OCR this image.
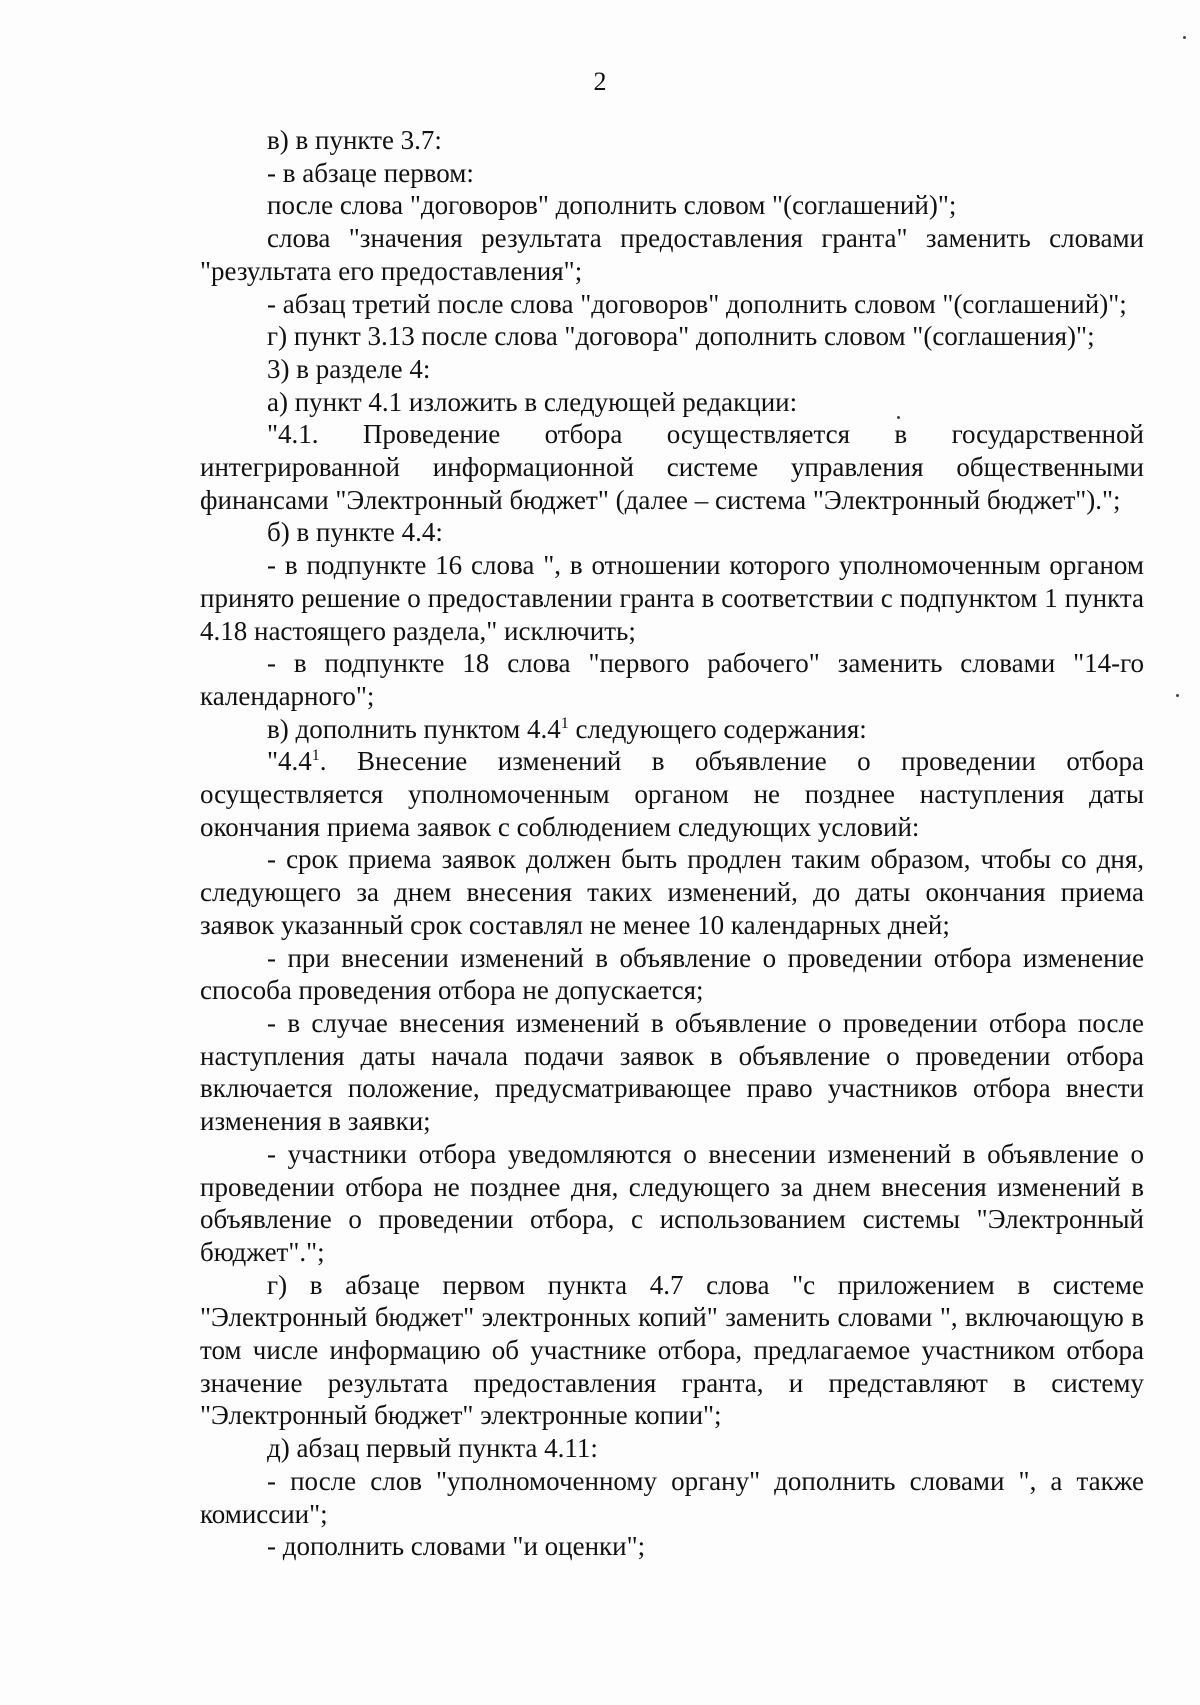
2

в) в пункте 3.7:

- в абзаце первом:

после слова "договоров" дополнить словом "(соглашений)";

слова "значения результата предоставления гранта" заменить словами "результата его предоставления";

- абзац третий после слова "договоров" дополнить словом "(соглашений)";

г) пункт 3.13 после слова "договора" дополнить словом "(соглашения)";

3) в разделе 4:

а) пункт 4.1 изложить в следующей редакции:

"4.1. Проведение отбора осуществляется в государственной интегрированной информационной системе управления общественными финансами "Электронный бюджет" (далее – система "Электронный бюджет").";

б) в пункте 4.4:

- в подпункте 16 слова ", в отношении которого уполномоченным органом принято решение о предоставлении гранта в соответствии с подпунктом 1 пункта 4.18 настоящего раздела," исключить;

- в подпункте 18 слова "первого рабочего" заменить словами "14-го календарного";

в) дополнить пунктом $4.4^1$ следующего содержания:

"$4.4^1$. Внесение изменений в объявление о проведении отбора осуществляется уполномоченным органом не позднее наступления даты окончания приема заявок с соблюдением следующих условий:

- срок приема заявок должен быть продлен таким образом, чтобы со дня, следующего за днем внесения таких изменений, до даты окончания приема заявок указанный срок составлял не менее 10 календарных дней;

- при внесении изменений в объявление о проведении отбора изменение способа проведения отбора не допускается;

- в случае внесения изменений в объявление о проведении отбора после наступления даты начала подачи заявок в объявление о проведении отбора включается положение, предусматривающее право участников отбора внести изменения в заявки;

- участники отбора уведомляются о внесении изменений в объявление о проведении отбора не позднее дня, следующего за днем внесения изменений в объявление о проведении отбора, с использованием системы "Электронный бюджет".";

г) в абзаце первом пункта 4.7 слова "с приложением в системе "Электронный бюджет" электронных копий" заменить словами ", включающую в том числе информацию об участнике отбора, предлагаемое участником отбора значение результата предоставления гранта, и представляют в систему "Электронный бюджет" электронные копии";

д) абзац первый пункта 4.11:

- после слов "уполномоченному органу" дополнить словами ", а также комиссии";

- дополнить словами "и оценки";
